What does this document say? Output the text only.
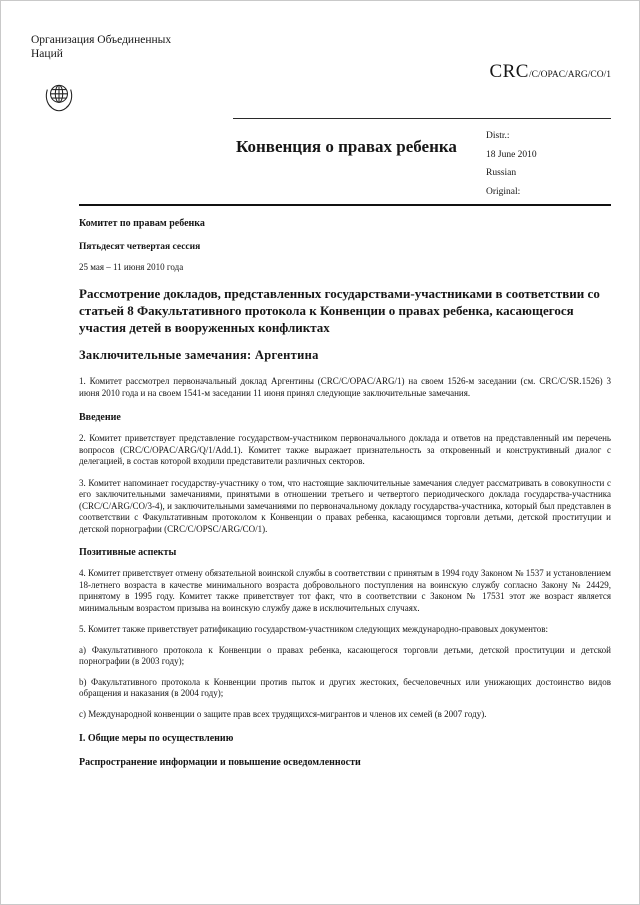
Организация Объединенных
Наций
CRC/C/OPAC/ARG/CO/1
Конвенция о правах ребенка
Distr.:
18 June 2010
Russian
Original:
Комитет по правам ребенка
Пятьдесят четвертая сессия
25 мая – 11 июня 2010 года
Рассмотрение докладов, представленных государствами-участниками в соответствии со статьей 8 Факультативного протокола к Конвенции о правах ребенка, касающегося участия детей в вооруженных конфликтах
Заключительные замечания: Аргентина
1. Комитет рассмотрел первоначальный доклад Аргентины (CRC/C/OPAC/ARG/1) на своем 1526-м заседании (см. CRC/C/SR.1526) 3 июня 2010 года и на своем 1541-м заседании 11 июня принял следующие заключительные замечания.
Введение
2. Комитет приветствует представление государством-участником первоначального доклада и ответов на представленный им перечень вопросов (CRC/C/OPAC/ARG/Q/1/Add.1). Комитет также выражает признательность за откровенный и конструктивный диалог с делегацией, в состав которой входили представители различных секторов.
3. Комитет напоминает государству-участнику о том, что настоящие заключительные замечания следует рассматривать в совокупности с его заключительными замечаниями, принятыми в отношении третьего и четвертого периодического доклада государства-участника (CRC/C/ARG/CO/3-4), и заключительными замечаниями по первоначальному докладу государства-участника, который был представлен в соответствии с Факультативным протоколом к Конвенции о правах ребенка, касающимся торговли детьми, детской проституции и детской порнографии (CRC/C/OPSC/ARG/CO/1).
Позитивные аспекты
4. Комитет приветствует отмену обязательной воинской службы в соответствии с принятым в 1994 году Законом № 1537 и установлением 18-летнего возраста в качестве минимального возраста добровольного поступления на воинскую службу согласно Закону № 24429, принятому в 1995 году. Комитет также приветствует тот факт, что в соответствии с Законом № 17531 этот же возраст является минимальным возрастом призыва на воинскую службу даже в исключительных случаях.
5. Комитет также приветствует ратификацию государством-участником следующих международно-правовых документов:
a) Факультативного протокола к Конвенции о правах ребенка, касающегося торговли детьми, детской проституции и детской порнографии (в 2003 году);
b) Факультативного протокола к Конвенции против пыток и других жестоких, бесчеловечных или унижающих достоинство видов обращения и наказания (в 2004 году);
c) Международной конвенции о защите прав всех трудящихся-мигрантов и членов их семей (в 2007 году).
I. Общие меры по осуществлению
Распространение информации и повышение осведомленности
